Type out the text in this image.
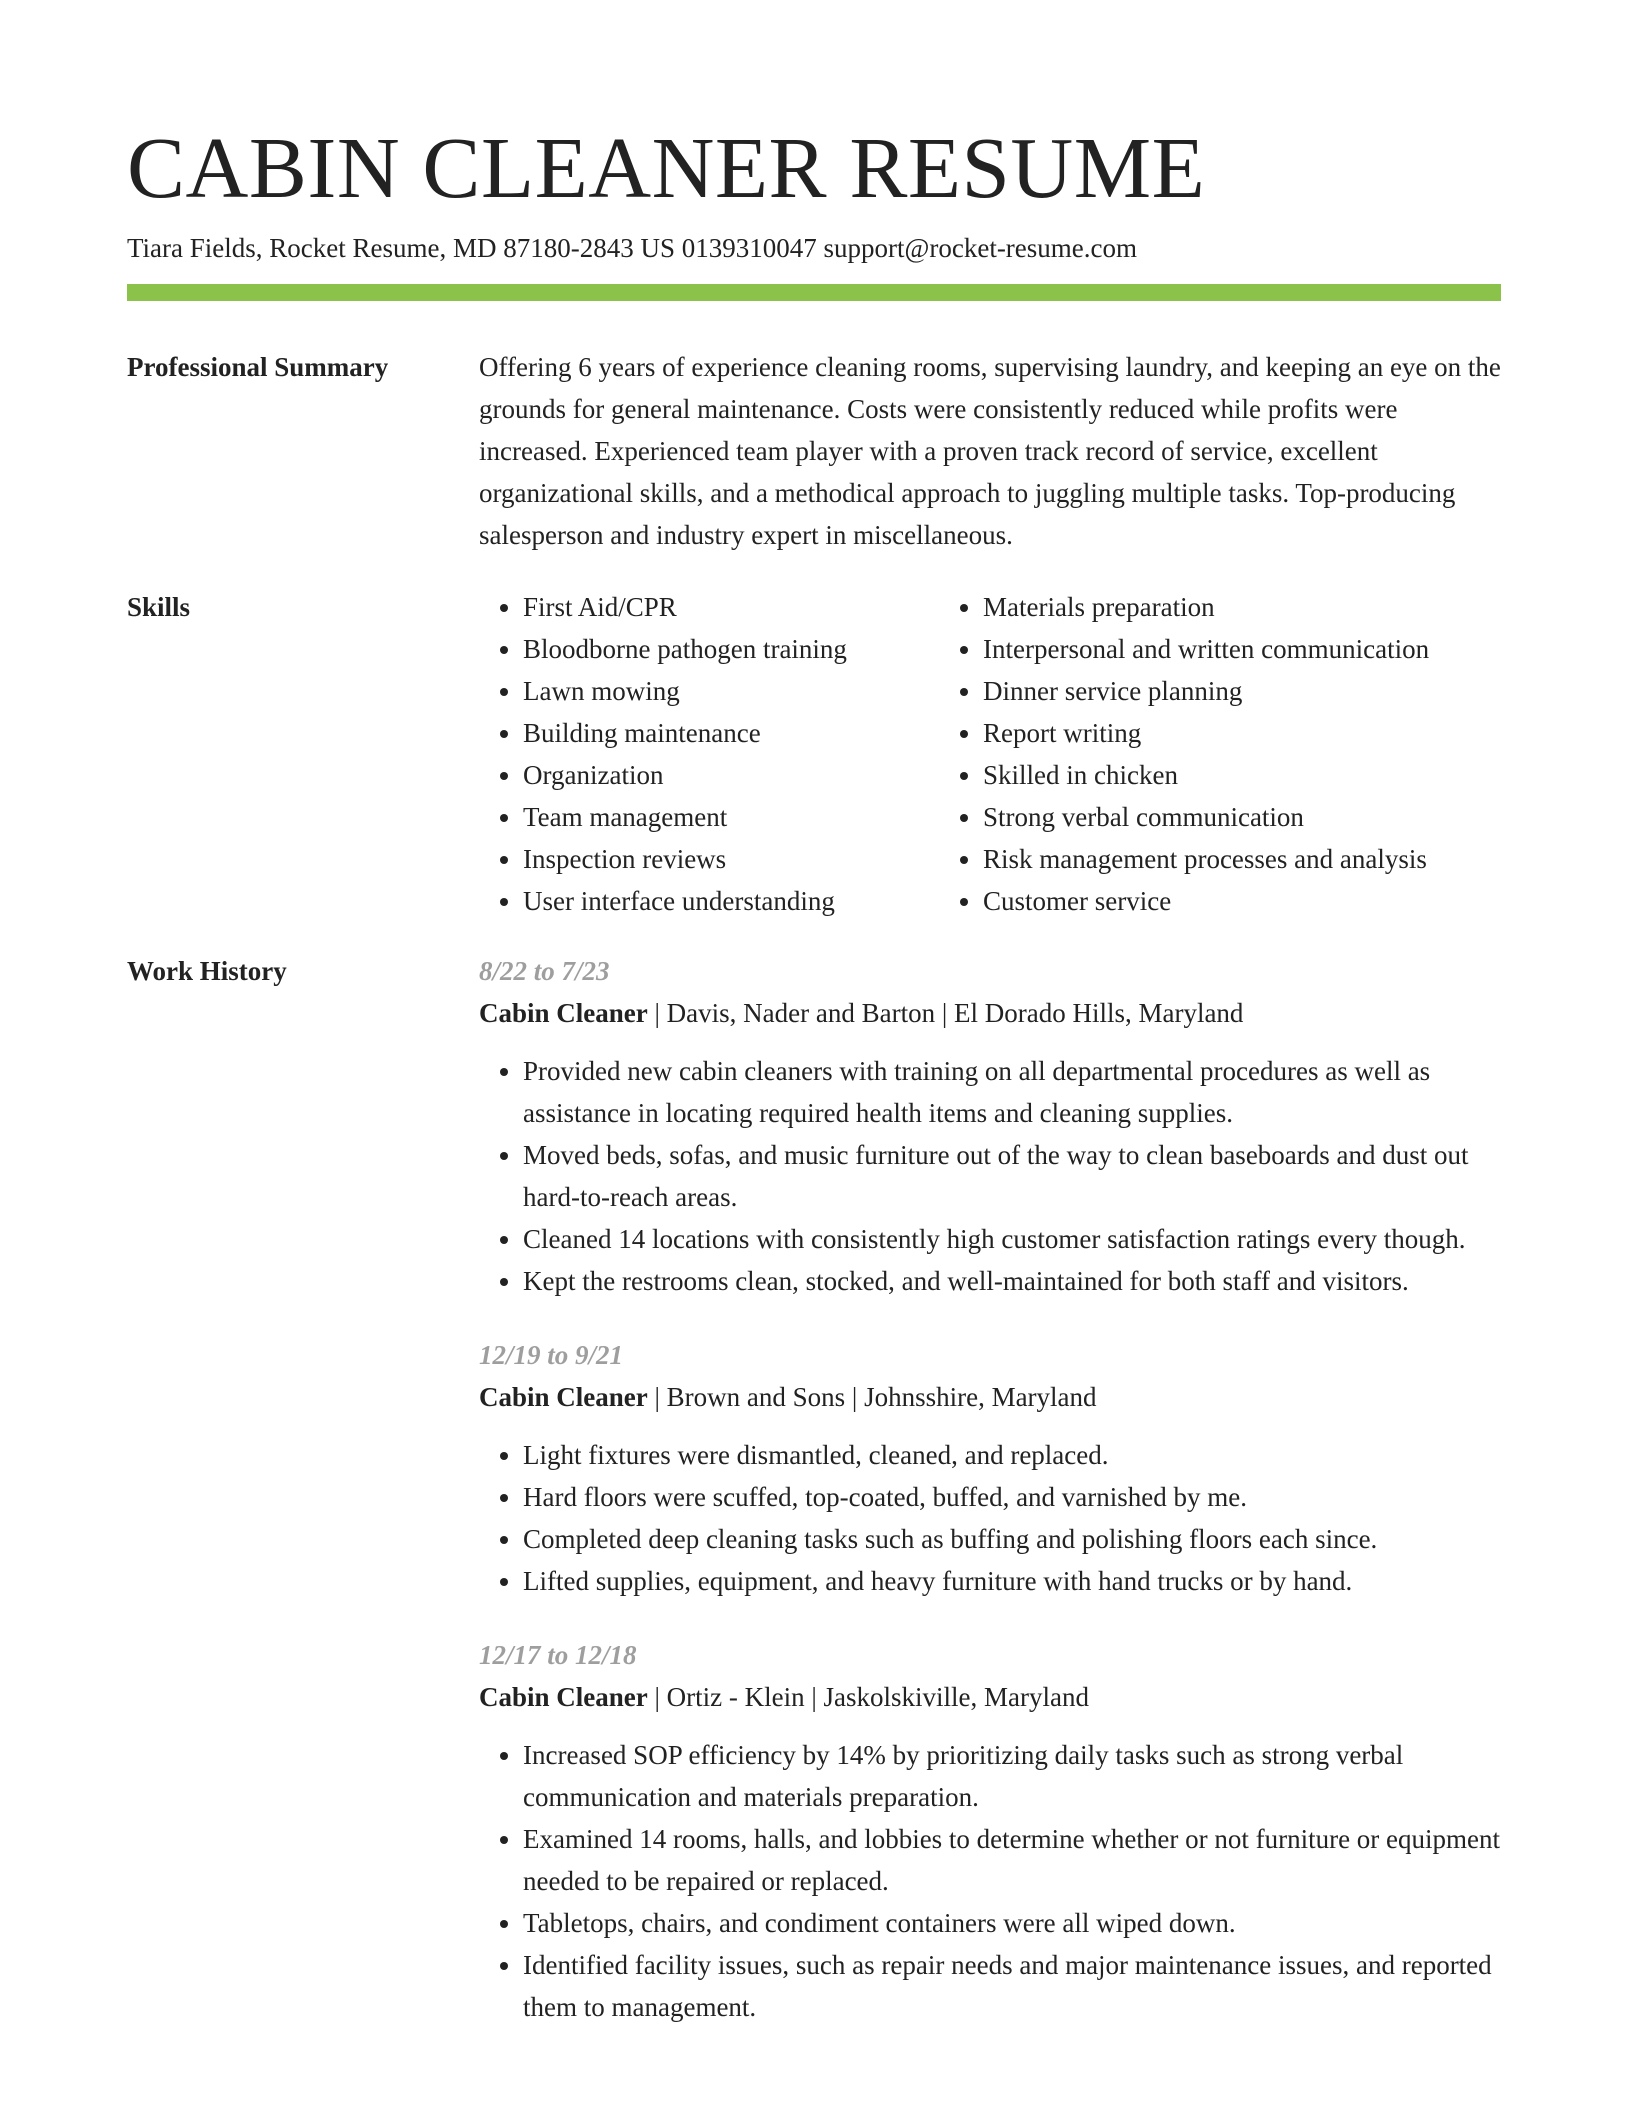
CABIN CLEANER RESUME
Tiara Fields, Rocket Resume, MD 87180-2843 US 0139310047 support@rocket-resume.com
Professional Summary	Offering 6 years of experience cleaning rooms, supervising laundry, and keeping an eye on the grounds for general maintenance. Costs were consistently reduced while profits were increased. Experienced team player with a proven track record of service, excellent organizational skills, and a methodical approach to juggling multiple tasks. Top-producing salesperson and industry expert in miscellaneous.

Skills
•	First Aid/CPR
• Bloodborne pathogen training
• Lawn mowing
• Building maintenance
• Organization
• Team management
• Inspection reviews
• User interface understanding
• Materials preparation
• Interpersonal and written communication
• Dinner service planning
• Report writing
• Skilled in chicken
• Strong verbal communication
• Risk management processes and analysis
• Customer service
Work History	8/22 to 7/23
Cabin Cleaner | Davis, Nader and Barton | El Dorado Hills, Maryland
• Provided new cabin cleaners with training on all departmental procedures as well as assistance in locating required health items and cleaning supplies.
• Moved beds, sofas, and music furniture out of the way to clean baseboards and dust out hard-to-reach areas.
• Cleaned 14 locations with consistently high customer satisfaction ratings every though.
• Kept the restrooms clean, stocked, and well-maintained for both staff and visitors.
12/19 to 9/21
Cabin Cleaner | Brown and Sons | Johnsshire, Maryland
• Light fixtures were dismantled, cleaned, and replaced.
• Hard floors were scuffed, top-coated, buffed, and varnished by me.
• Completed deep cleaning tasks such as buffing and polishing floors each since.
• Lifted supplies, equipment, and heavy furniture with hand trucks or by hand.
12/17 to 12/18
Cabin Cleaner | Ortiz - Klein | Jaskolskiville, Maryland
• Increased SOP efficiency by 14% by prioritizing daily tasks such as strong verbal communication and materials preparation.
• Examined 14 rooms, halls, and lobbies to determine whether or not furniture or equipment needed to be repaired or replaced.
• Tabletops, chairs, and condiment containers were all wiped down.
• Identified facility issues, such as repair needs and major maintenance issues, and reported them to management.
